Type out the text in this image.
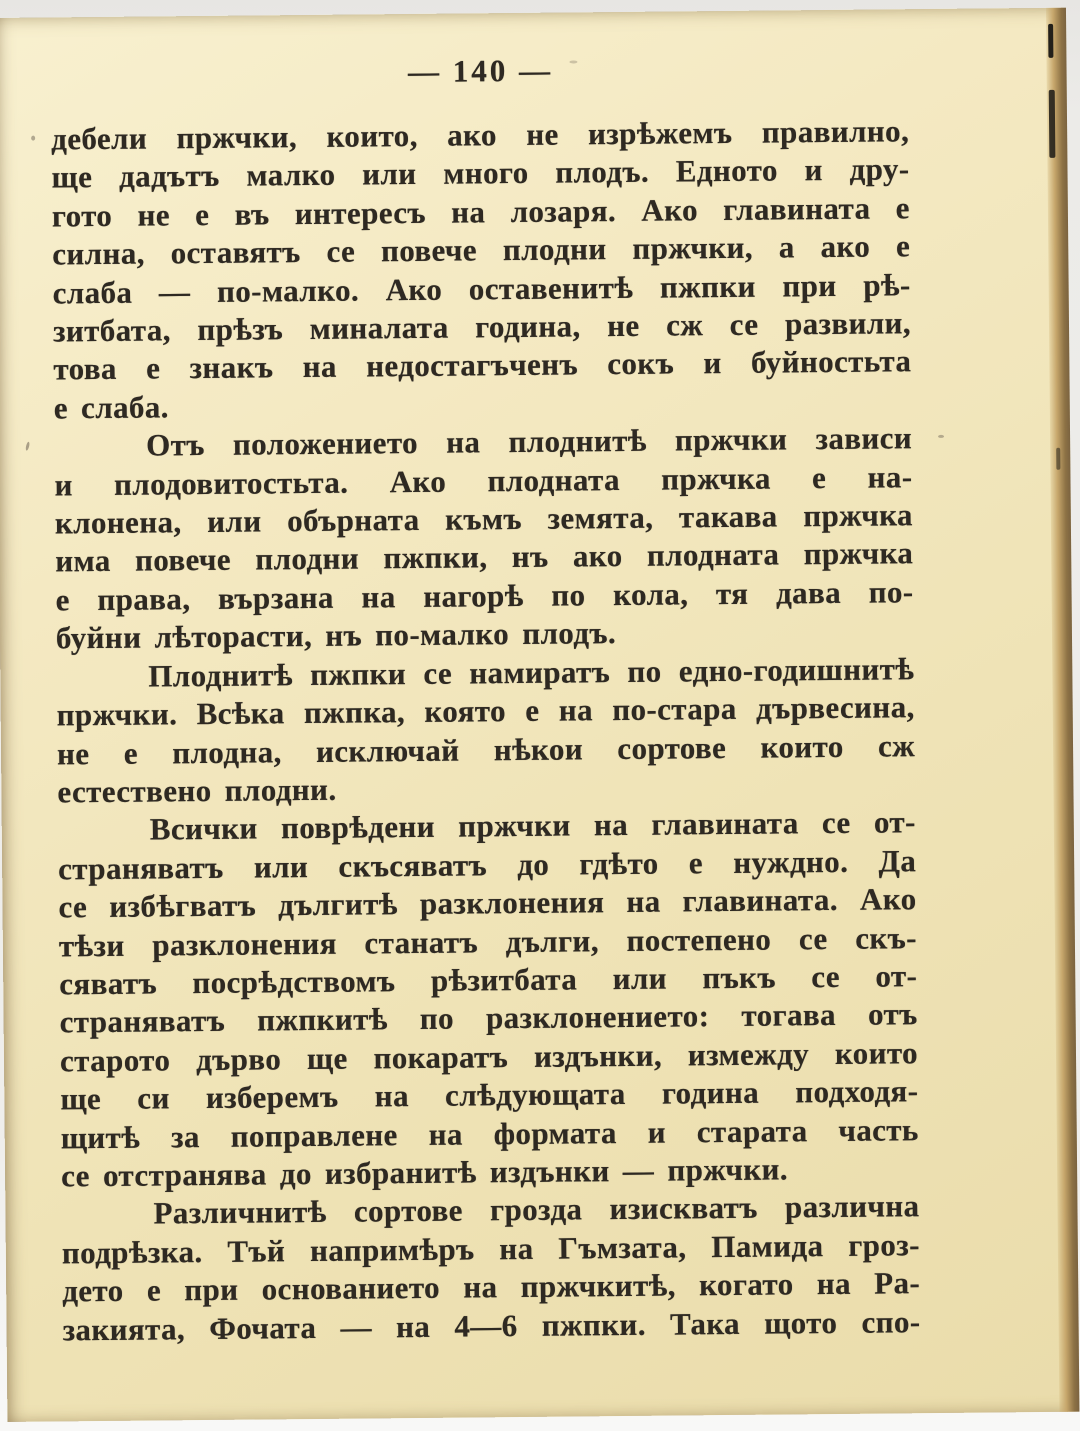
— 140 —
дебели пржчки, които, ако не изрѣжемъ правилно,
ще дадътъ малко или много плодъ. Едното и дру-
гото не е въ интересъ на лозаря. Ако главината е
силна, оставятъ се повече плодни пржчки, а ако е
слаба — по-малко. Ако оставенитѣ пжпки при рѣ-
зитбата, прѣзъ миналата година, не сж се развили,
това е знакъ на недостагъченъ сокъ и буйностьта
е слаба.
Отъ положението на плоднитѣ пржчки зависи
и плодовитостьта. Ако плодната пржчка е на-
клонена, или обърната къмъ земята, такава пржчка
има повече плодни пжпки, нъ ако плодната пржчка
е права, вързана на нагорѣ по кола, тя дава по-
буйни лѣторасти, нъ по-малко плодъ.
Плоднитѣ пжпки се намиратъ по едно-годишнитѣ
пржчки. Всѣка пжпка, която е на по-стара дървесина,
не е плодна, исключай нѣкои сортове които сж
естествено плодни.
Всички поврѣдени пржчки на главината се от-
страняватъ или скъсяватъ до гдѣто е нуждно. Да
се избѣгватъ дългитѣ разклонения на главината. Ако
тѣзи разклонения станатъ дълги, постепено се скъ-
сяватъ посрѣдствомъ рѣзитбата или пъкъ се от-
страняватъ пжпкитѣ по разклонението: тогава отъ
старото дърво ще покаратъ издънки, измежду които
ще си изберемъ на слѣдующата година подходя-
щитѣ за поправлене на формата и старата часть
се отстранява до избранитѣ издънки — пржчки.
Различнитѣ сортове грозда изискватъ различна
подрѣзка. Тъй напримѣръ на Гъмзата, Памида гроз-
дето е при основанието на пржчкитѣ, когато на Ра-
закията, Фочата — на 4—6 пжпки. Така щото спо-
